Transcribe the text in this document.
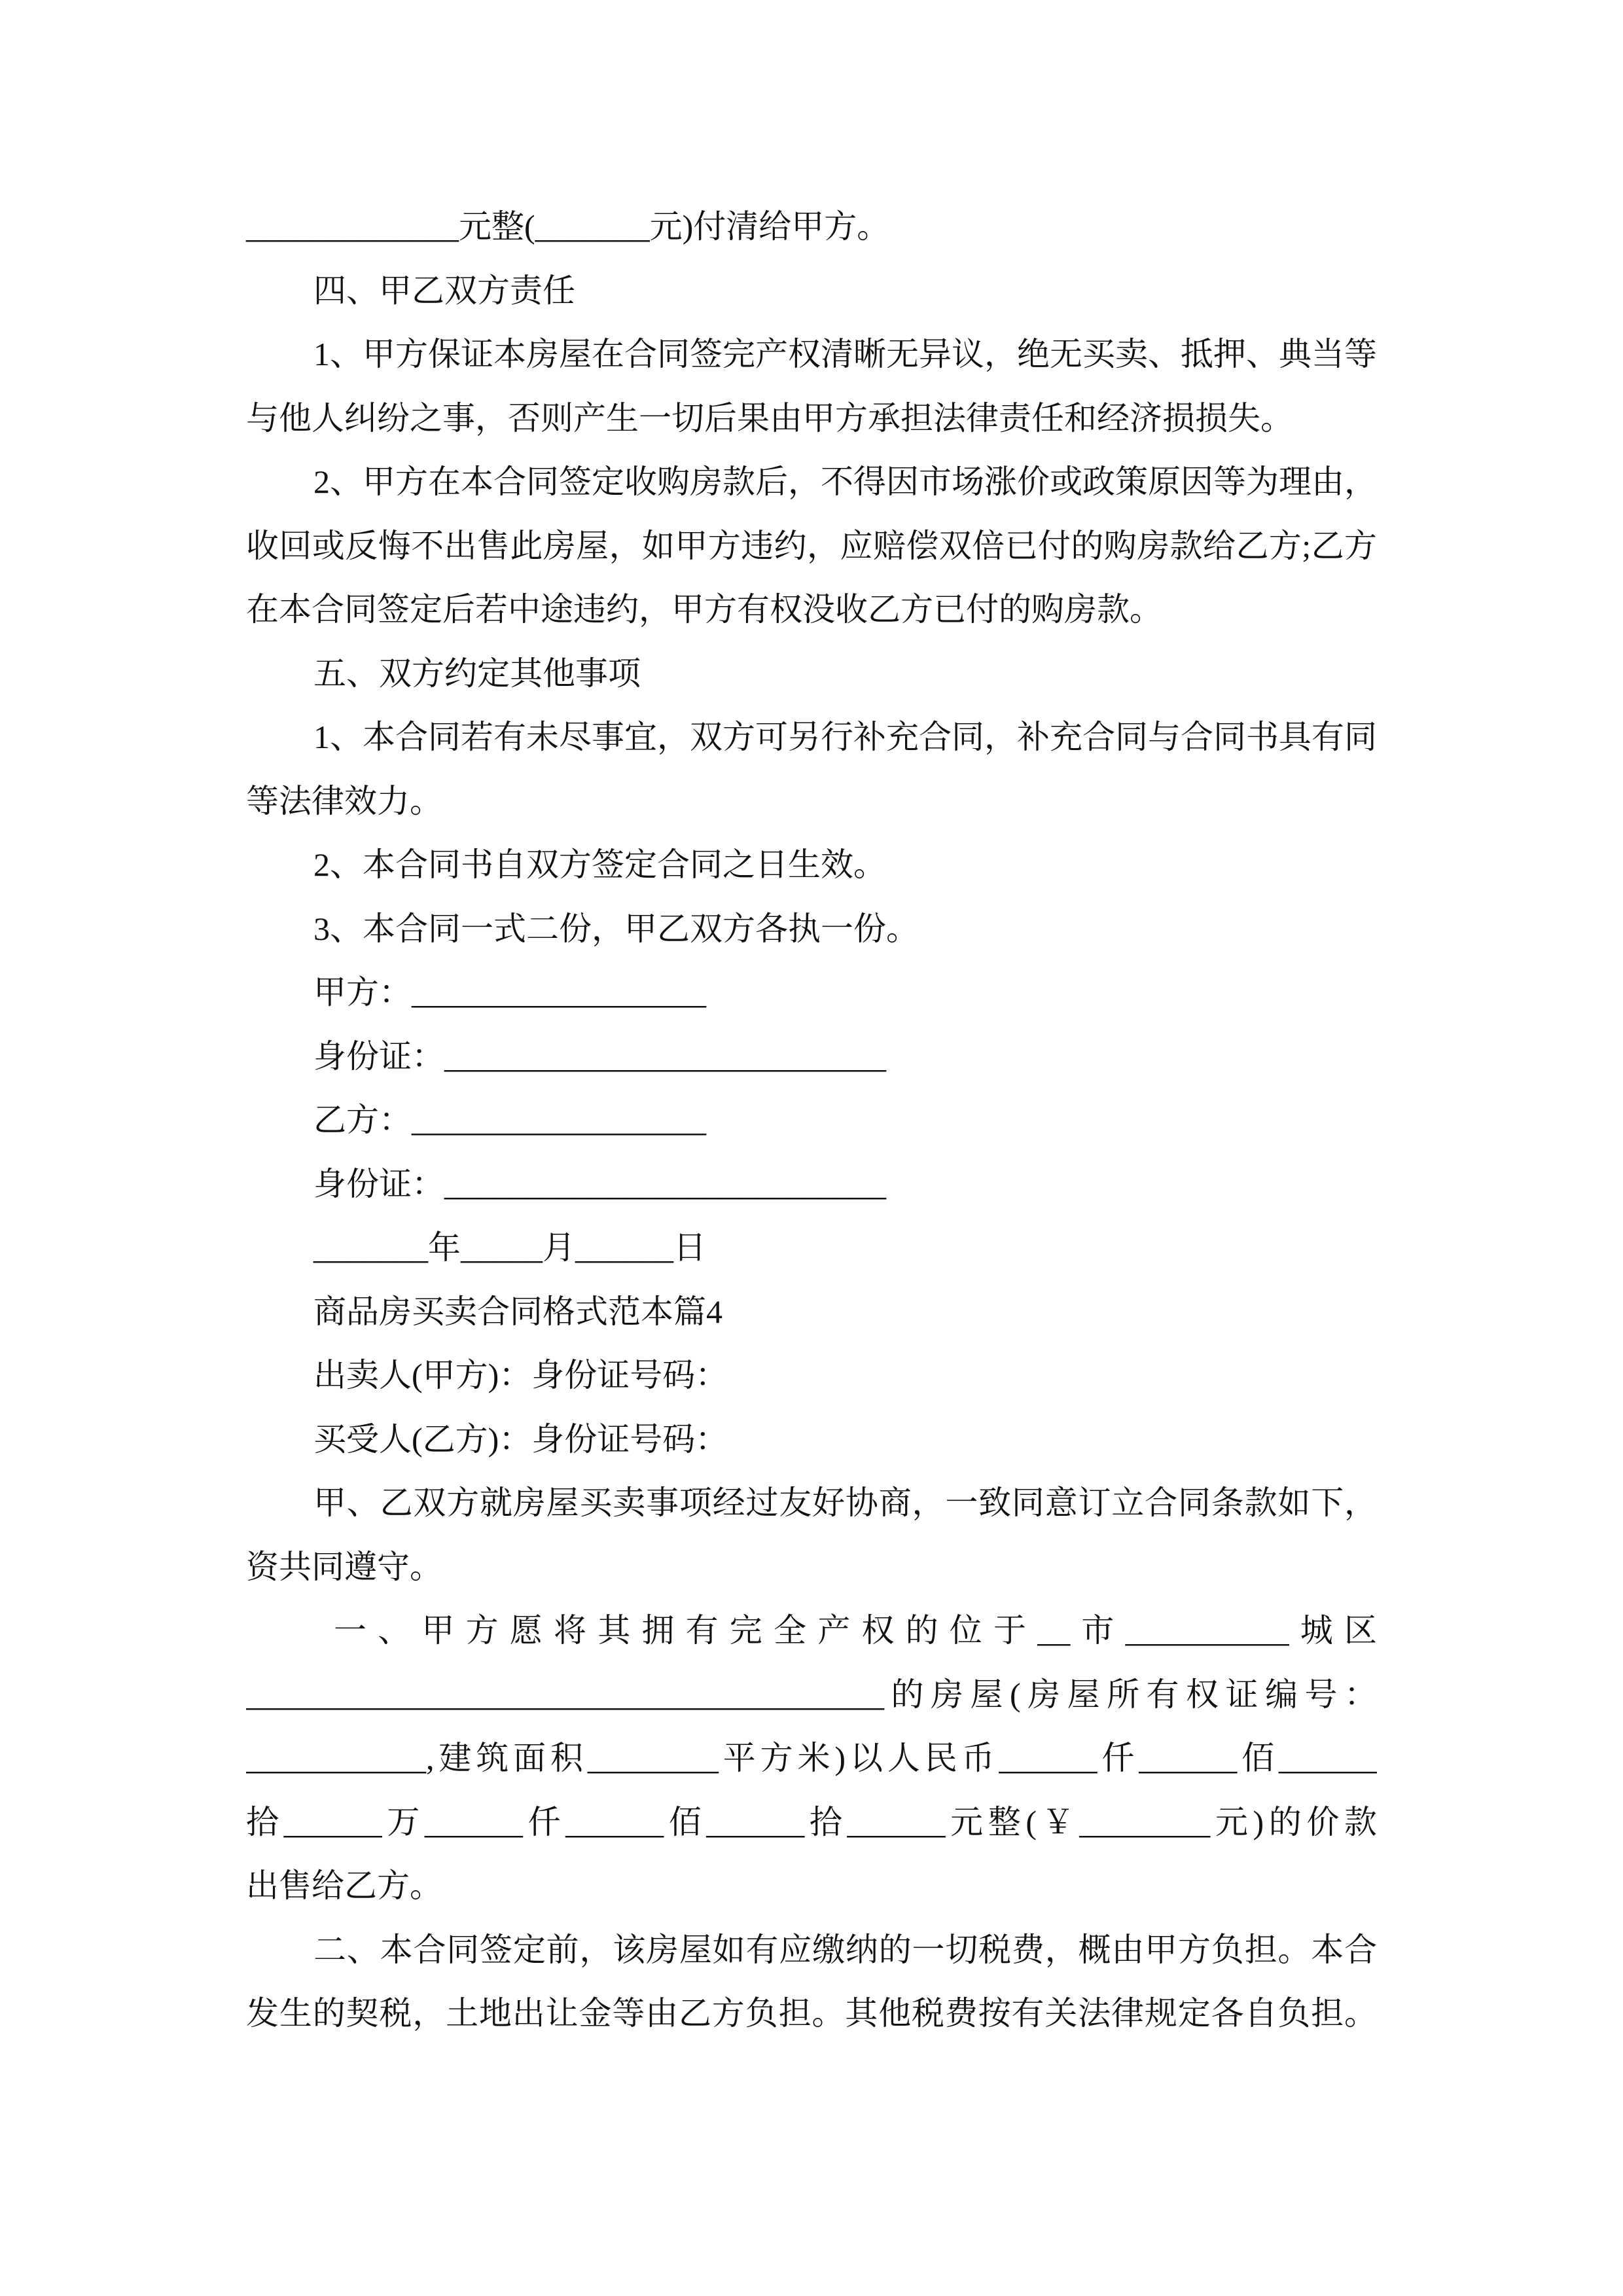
_____________元整(_______元)付清给甲方。
四、甲乙双方责任
1、甲方保证本房屋在合同签完产权清晰无异议，绝无买卖、抵押、典当等
与他人纠纷之事，否则产生一切后果由甲方承担法律责任和经济损损失。
2、甲方在本合同签定收购房款后，不得因市场涨价或政策原因等为理由，
收回或反悔不出售此房屋，如甲方违约，应赔偿双倍已付的购房款给乙方;乙方
在本合同签定后若中途违约，甲方有权没收乙方已付的购房款。
五、双方约定其他事项
1、本合同若有未尽事宜，双方可另行补充合同，补充合同与合同书具有同
等法律效力。
2、本合同书自双方签定合同之日生效。
3、本合同一式二份，甲乙双方各执一份。
甲方：__________________
身份证：___________________________
乙方：__________________
身份证：___________________________
_______年_____月______日
商品房买卖合同格式范本篇4
出卖人(甲方)：身份证号码：
买受人(乙方)：身份证号码：
甲、乙双方就房屋买卖事项经过友好协商，一致同意订立合同条款如下，
资共同遵守。
一、甲方愿将其拥有完全产权的位于__市__________城区
_______________________________________的房屋(房屋所有权证编号：
___________,建筑面积________平方米)以人民币______仟______佰______
拾______万______仟______佰______拾______元整(￥________元)的价款
出售给乙方。
二、本合同签定前，该房屋如有应缴纳的一切税费，概由甲方负担。本合
发生的契税，土地出让金等由乙方负担。其他税费按有关法律规定各自负担。
